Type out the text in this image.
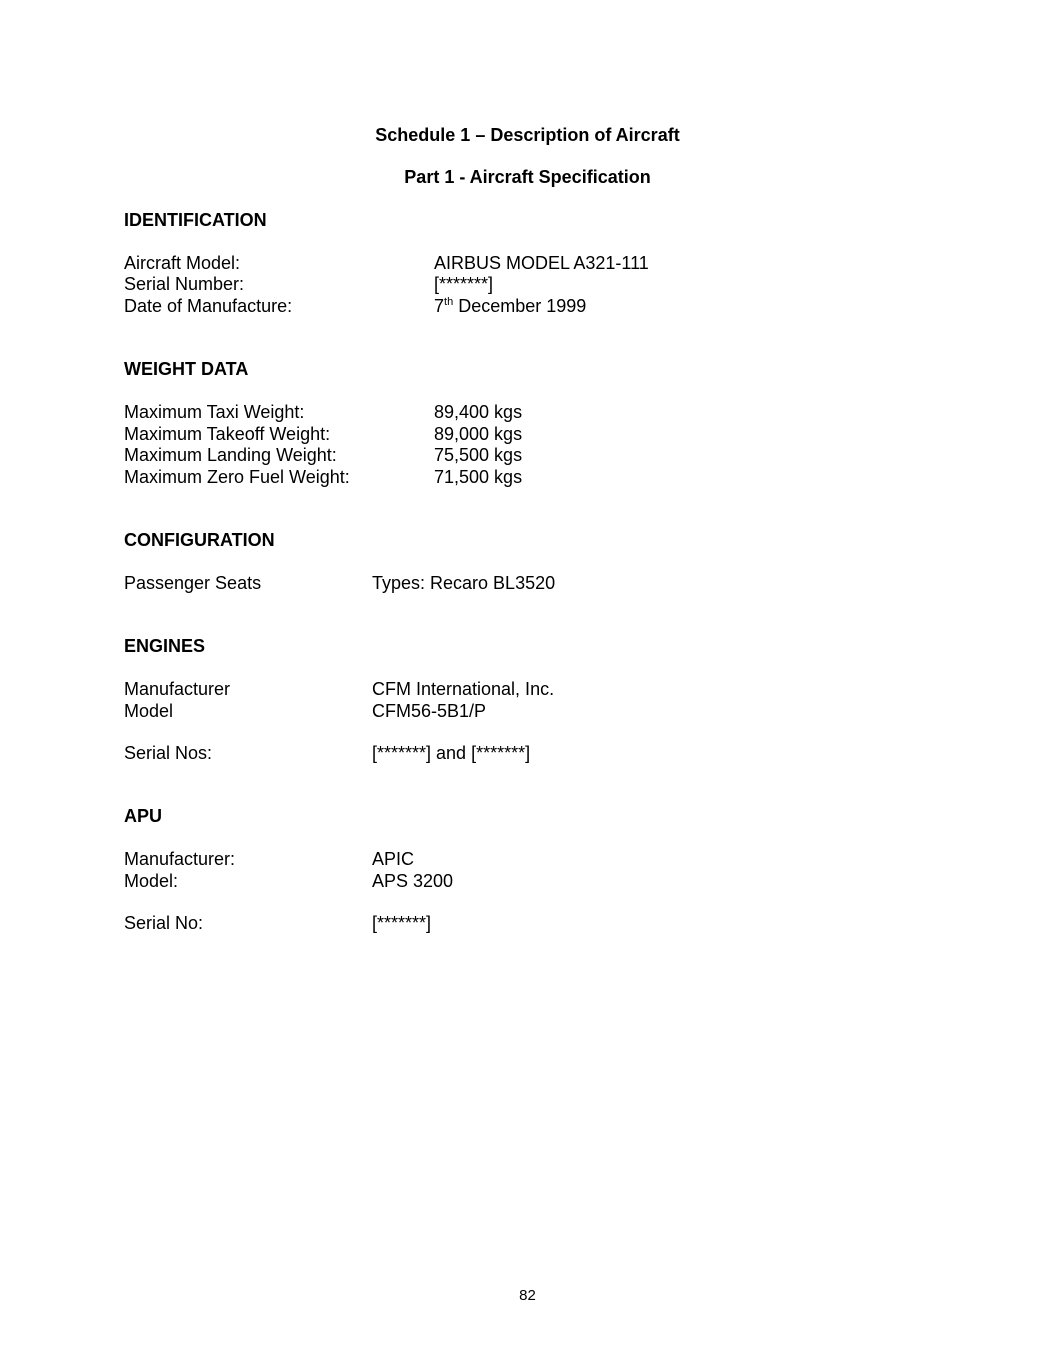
Schedule 1 – Description of Aircraft
Part 1 - Aircraft Specification
IDENTIFICATION
Aircraft Model:	AIRBUS MODEL A321-111
Serial Number:	[*******]
Date of Manufacture:	7th December 1999
WEIGHT DATA
Maximum Taxi Weight:	89,400 kgs
Maximum Takeoff Weight:	89,000 kgs
Maximum Landing Weight:	75,500 kgs
Maximum Zero Fuel Weight:	71,500 kgs
CONFIGURATION
Passenger Seats	Types: Recaro BL3520
ENGINES
Manufacturer	CFM International, Inc.
Model	CFM56-5B1/P
Serial Nos:	[*******] and [*******]
APU
Manufacturer:	APIC
Model:	APS 3200
Serial No:	[*******]
82
